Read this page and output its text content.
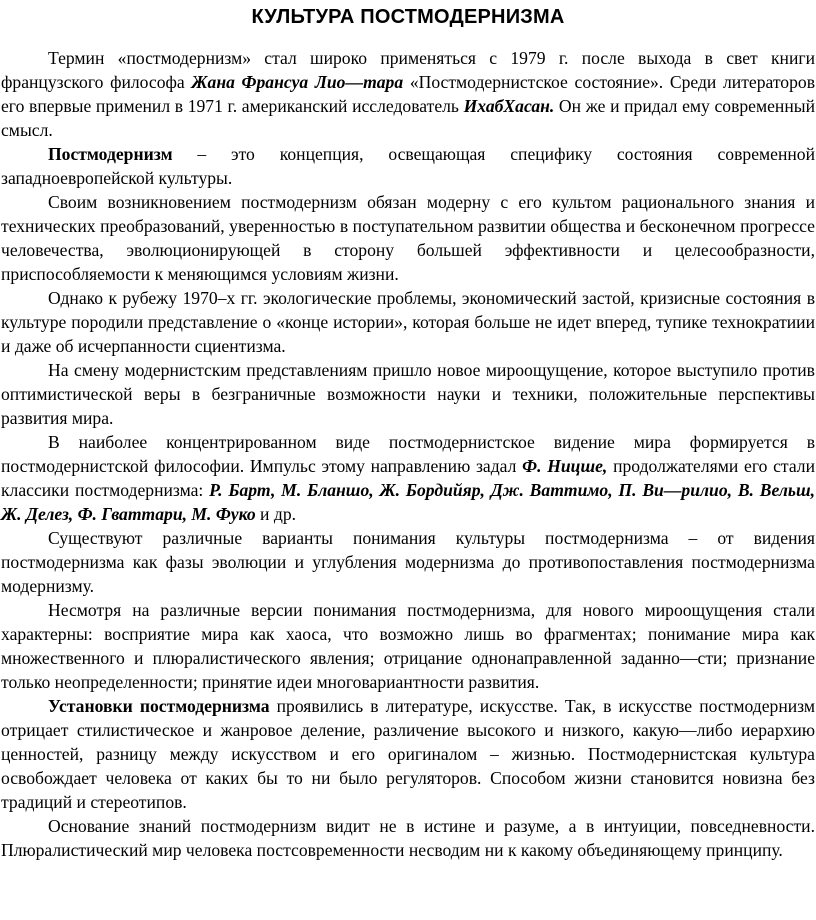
КУЛЬТУРА ПОСТМОДЕРНИЗМА

Термин «постмодернизм» стал широко применяться с 1979 г. после выхода в свет книги французского философа Жана Франсуа Лио—тара «Постмодернистское состояние». Среди литераторов его впервые применил в 1971 г. американский исследователь ИхабХасан. Он же и придал ему современный смысл.

Постмодернизм – это концепция, освещающая специфику состояния современной западноевропейской культуры.

Своим возникновением постмодернизм обязан модерну с его культом рационального знания и технических преобразований, уверенностью в поступательном развитии общества и бесконечном прогрессе человечества, эволюционирующей в сторону большей эффективности и целесообразности, приспособляемости к меняющимся условиям жизни.

Однако к рубежу 1970–х гг. экологические проблемы, экономический застой, кризисные состояния в культуре породили представление о «конце истории», которая больше не идет вперед, тупике технократиии и даже об исчерпанности сциентизма.

На смену модернистским представлениям пришло новое мироощущение, которое выступило против оптимистической веры в безграничные возможности науки и техники, положительные перспективы развития мира.

В наиболее концентрированном виде постмодернистское видение мира формируется в постмодернистской философии. Импульс этому направлению задал Ф. Ницше, продолжателями его стали классики постмодернизма: Р. Барт, М. Бланшо, Ж. Бордийяр, Дж. Ваттимо, П. Ви—рилио, В. Вельш, Ж. Делез, Ф. Гваттари, М. Фуко и др.

Существуют различные варианты понимания культуры постмодернизма – от видения постмодернизма как фазы эволюции и углубления модернизма до противопоставления постмодернизма модернизму.

Несмотря на различные версии понимания постмодернизма, для нового мироощущения стали характерны: восприятие мира как хаоса, что возможно лишь во фрагментах; понимание мира как множественного и плюралистического явления; отрицание однонаправленной заданно—сти; признание только неопределенности; принятие идеи многовариантности развития.

Установки постмодернизма проявились в литературе, искусстве. Так, в искусстве постмодернизм отрицает стилистическое и жанровое деление, различение высокого и низкого, какую—либо иерархию ценностей, разницу между искусством и его оригиналом – жизнью. Постмодернистская культура освобождает человека от каких бы то ни было регуляторов. Способом жизни становится новизна без традиций и стереотипов.

Основание знаний постмодернизм видит не в истине и разуме, а в интуиции, повседневности. Плюралистический мир человека постсовременности несводим ни к какому объединяющему принципу.
